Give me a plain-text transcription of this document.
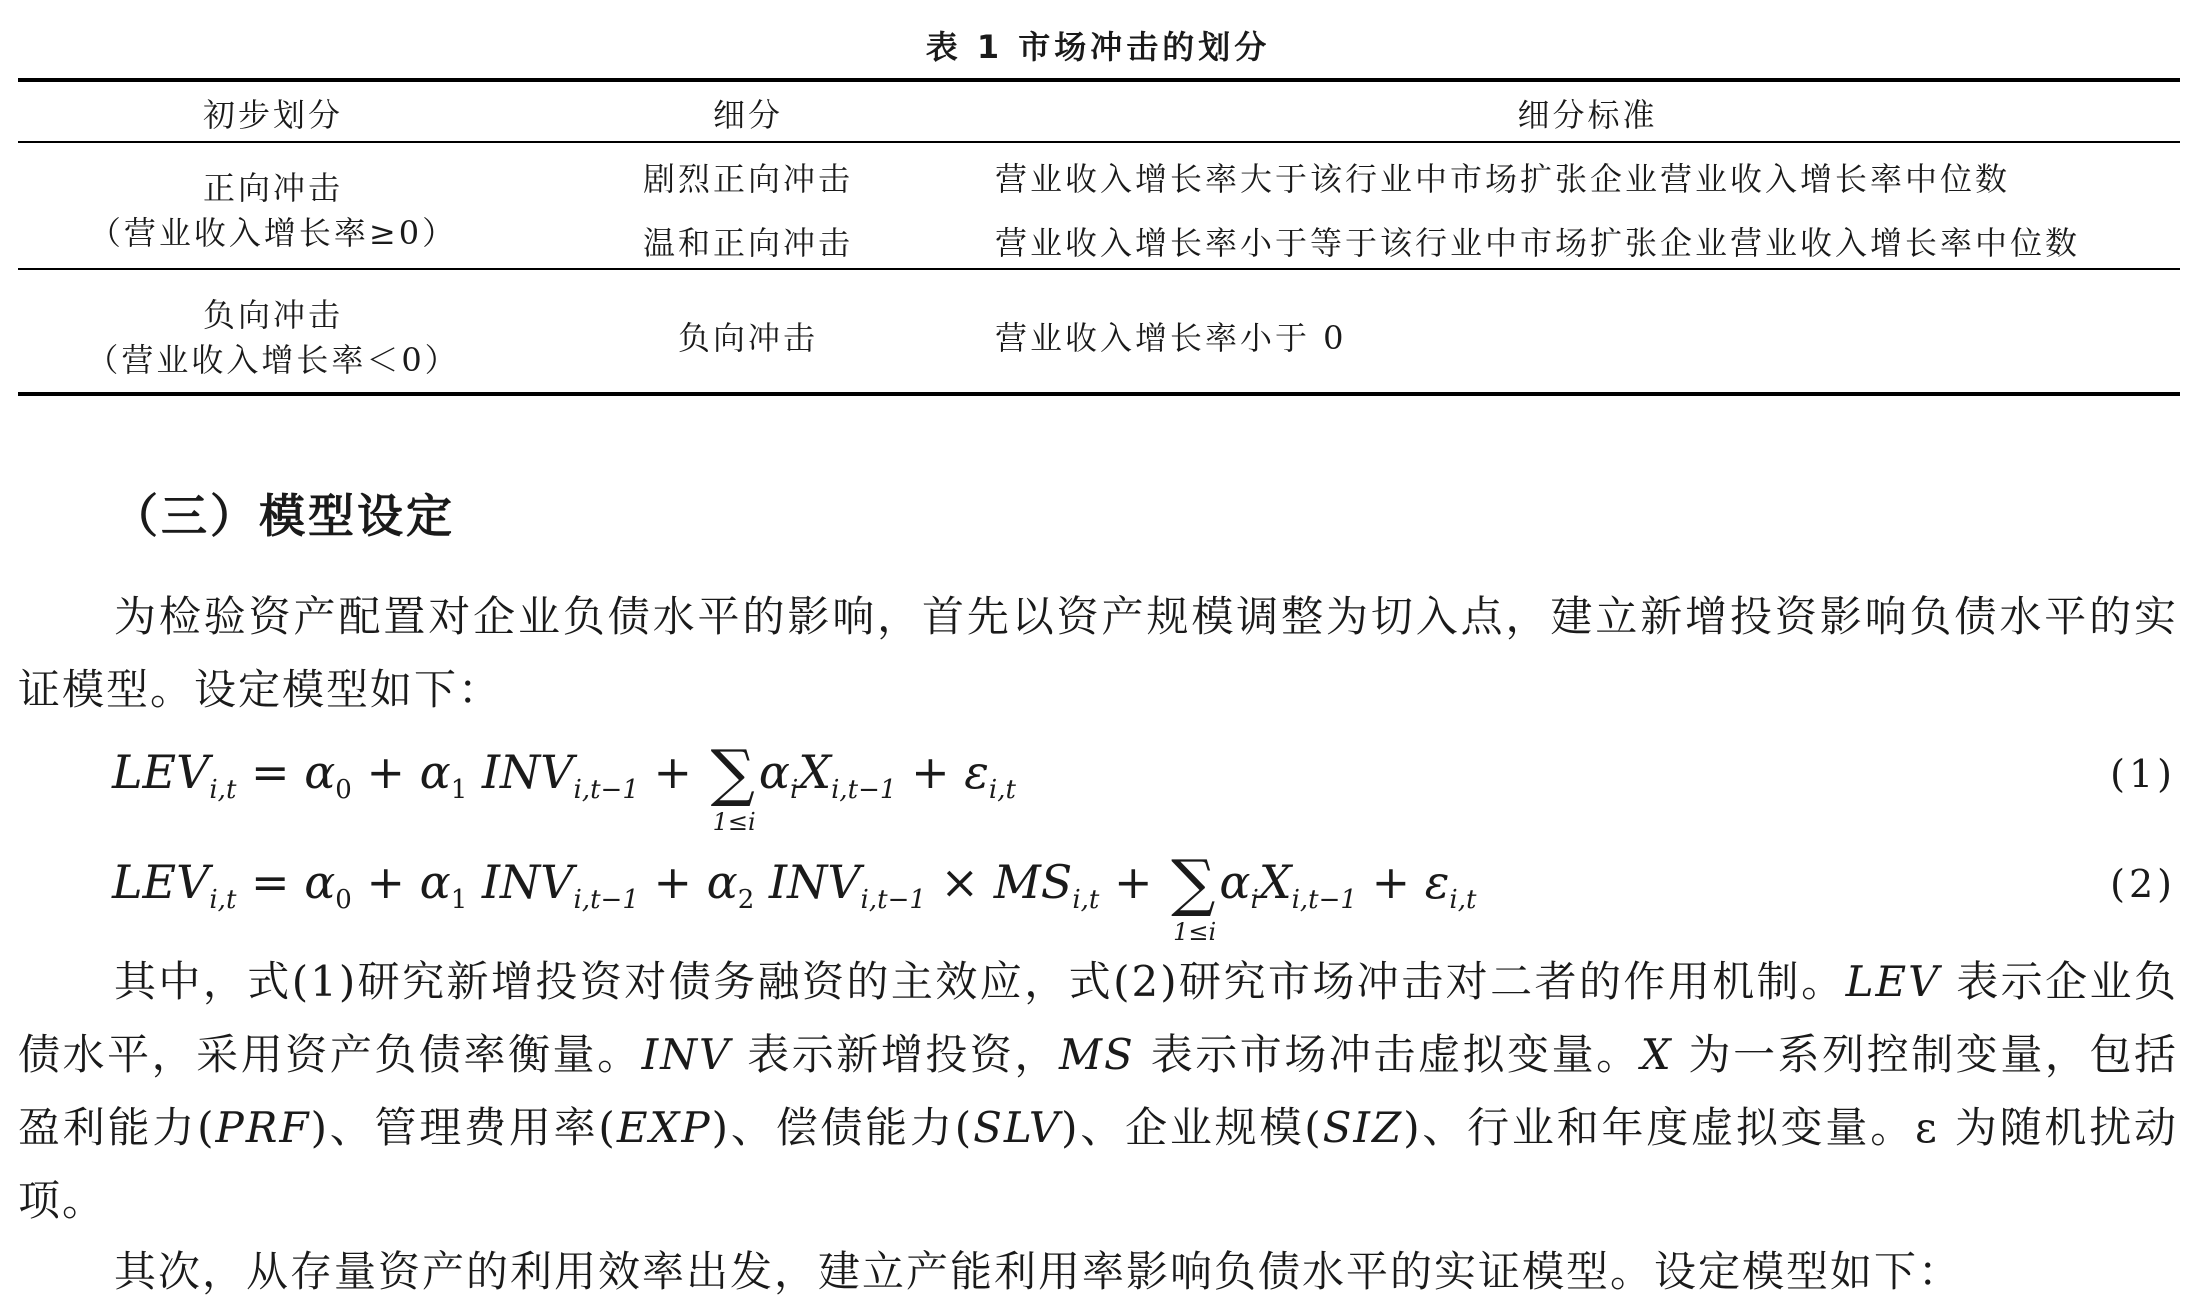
表 1 市场冲击的划分
初步划分	细分	细分标准
正向冲击
（营业收入增长率≥0）
剧烈正向冲击	营业收入增长率大于该行业中市场扩张企业营业收入增长率中位数
温和正向冲击	营业收入增长率小于等于该行业中市场扩张企业营业收入增长率中位数
负向冲击
（营业收入增长率＜0）
负向冲击	营业收入增长率小于 0
（三）模型设定
为检验资产配置对企业负债水平的影响，首先以资产规模调整为切入点，建立新增投资影响负债水平的实证模型。设定模型如下：
$LEV_{i,t} = \alpha_0 + \alpha_1$ $INV_{i,t-1}$ + ∑
1≤i
$\alpha_iX_{i,t-1} + \varepsilon_{i,t}$	(1)
$LEV_{i,t} = \alpha_0 + \alpha_1$ $INV_{i,t-1} + \alpha_2$ $INV_{i,t-1} \times MS_{i,t}$ + ∑
1≤i
$\alpha_iX_{i,t-1} + \varepsilon_{i,t}$	(2)
其中，式(1)研究新增投资对债务融资的主效应，式(2)研究市场冲击对二者的作用机制。LEV 表示企业负债水平，采用资产负债率衡量。INV 表示新增投资，MS 表示市场冲击虚拟变量。X 为一系列控制变量，包括盈利能力(PRF)、管理费用率(EXP)、偿债能力(SLV)、企业规模(SIZ)、行业和年度虚拟变量。ε 为随机扰动项。
其次，从存量资产的利用效率出发，建立产能利用率影响负债水平的实证模型。设定模型如下：
